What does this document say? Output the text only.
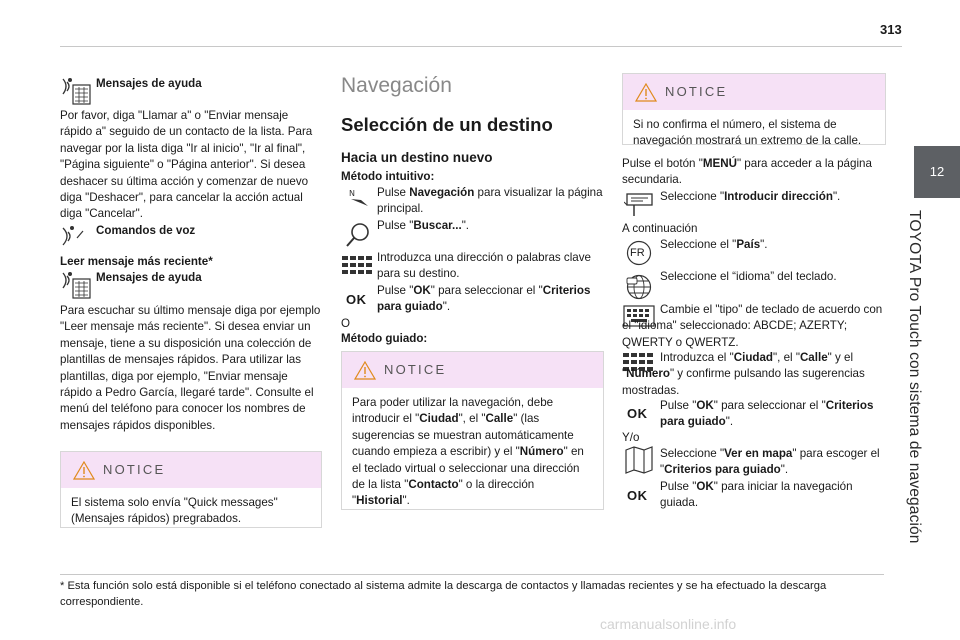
313
12
TOYOTA Pro Touch con sistema de navegación
Mensajes de ayuda
Por favor, diga "Llamar a" o "Enviar mensaje rápido a" seguido de un contacto de la lista. Para navegar por la lista diga "Ir al inicio", "Ir al final", "Página siguiente" o "Página anterior". Si desea deshacer su última acción y comenzar de nuevo diga "Deshacer", para cancelar la acción actual diga "Cancelar".
Comandos de voz
Leer mensaje más reciente*
Mensajes de ayuda
Para escuchar su último mensaje diga por ejemplo "Leer mensaje más reciente". Si desea enviar un mensaje, tiene a su disposición una colección de plantillas de mensajes rápidos. Para utilizar las plantillas, diga por ejemplo, "Enviar mensaje rápido a Pedro García, llegaré tarde". Consulte el menú del teléfono para conocer los nombres de mensajes rápidos disponibles.
NOTICE
El sistema solo envía "Quick messages" (Mensajes rápidos) pregrabados.
Navegación
Selección de un destino
Hacia un destino nuevo
Método intuitivo:
N Pulse Navegación para visualizar la página principal.
Pulse "Buscar...".
Introduzca una dirección o palabras clave para su destino.
OK
Pulse "OK" para seleccionar el "Criterios para guiado".
O
Método guiado:
NOTICE
Para poder utilizar la navegación, debe introducir el "Ciudad", el "Calle" (las sugerencias se muestran automáticamente cuando empieza a escribir) y el "Número" en el teclado virtual o seleccionar una dirección de la lista "Contacto" o la dirección "Historial".
NOTICE
Si no confirma el número, el sistema de navegación mostrará un extremo de la calle.
Pulse el botón "MENÚ" para acceder a la página secundaria.
Seleccione "Introducir dirección".
A continuación
FR
Seleccione el "País".
Seleccione el “idioma” del teclado.
Cambie el "tipo" de teclado de acuerdo con el "idioma" seleccionado: ABCDE; AZERTY; QWERTY o QWERTZ.
Introduzca el "Ciudad", el "Calle" y el "Número" y confirme pulsando las sugerencias mostradas.
OK
Pulse "OK" para seleccionar el "Criterios para guiado".
Y/o
Seleccione "Ver en mapa" para escoger el "Criterios para guiado".
OK
Pulse "OK" para iniciar la navegación guiada.
* Esta función solo está disponible si el teléfono conectado al sistema admite la descarga de contactos y llamadas recientes y se ha efectuado la descarga correspondiente.
carmanualsonline.info
